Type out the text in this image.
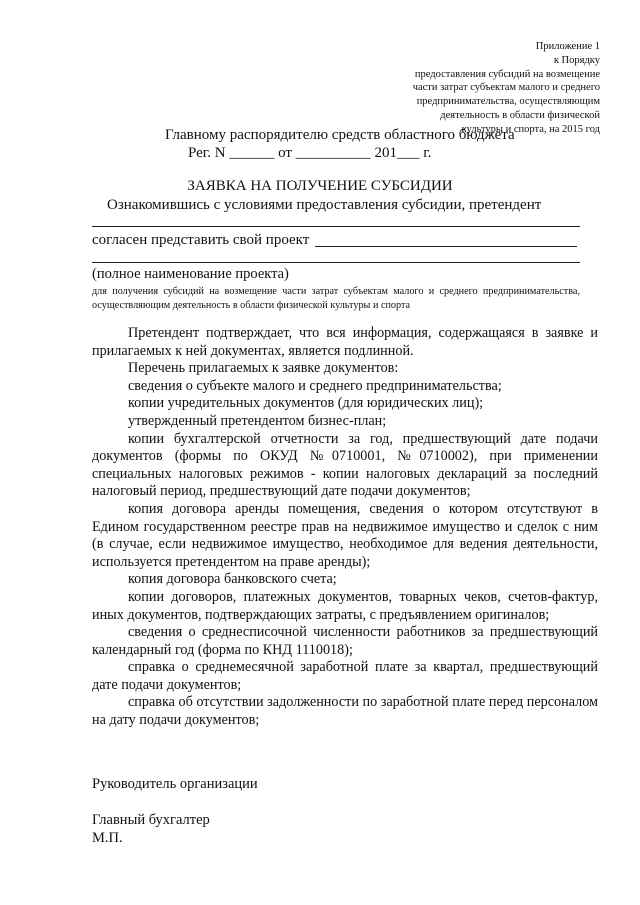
Приложение 1
к Порядку
предоставления субсидий на возмещение
части затрат субъектам малого и среднего
предпринимательства, осуществляющим
деятельность в области физической
культуры и спорта, на 2015 год
Главному распорядителю средств областного бюджета
Рег. N ______ от __________ 201___ г.
ЗАЯВКА НА ПОЛУЧЕНИЕ СУБСИДИИ
Ознакомившись с условиями предоставления субсидии, претендент
согласен представить свой проект
(полное наименование проекта)
для получения субсидий на возмещение части затрат субъектам малого и среднего предпринимательства, осуществляющим деятельность в области физической культуры и спорта

Претендент подтверждает, что вся информация, содержащаяся в заявке и прилагаемых к ней документах, является подлинной.

Перечень прилагаемых к заявке документов:

сведения о субъекте малого и среднего предпринимательства;

копии учредительных документов (для юридических лиц);

утвержденный претендентом бизнес-план;

копии бухгалтерской отчетности за год, предшествующий дате подачи документов (формы по ОКУД №0710001, №0710002), при применении специальных налоговых режимов - копии налоговых деклараций за последний налоговый период, предшествующий дате подачи документов;

копия договора аренды помещения, сведения о котором отсутствуют в Едином государственном реестре прав на недвижимое имущество и сделок с ним (в случае, если недвижимое имущество, необходимое для ведения деятельности, используется претендентом на праве аренды);

копия договора банковского счета;

копии договоров, платежных документов, товарных чеков, счетов-фактур, иных документов, подтверждающих затраты, с предъявлением оригиналов;

сведения о среднесписочной численности работников за предшествующий календарный год (форма по КНД 1110018);

справка о среднемесячной заработной плате за квартал, предшествующий дате подачи документов;

справка об отсутствии задолженности по заработной плате перед персоналом на дату подачи документов;

Руководитель организации
Главный бухгалтер
М.П.
